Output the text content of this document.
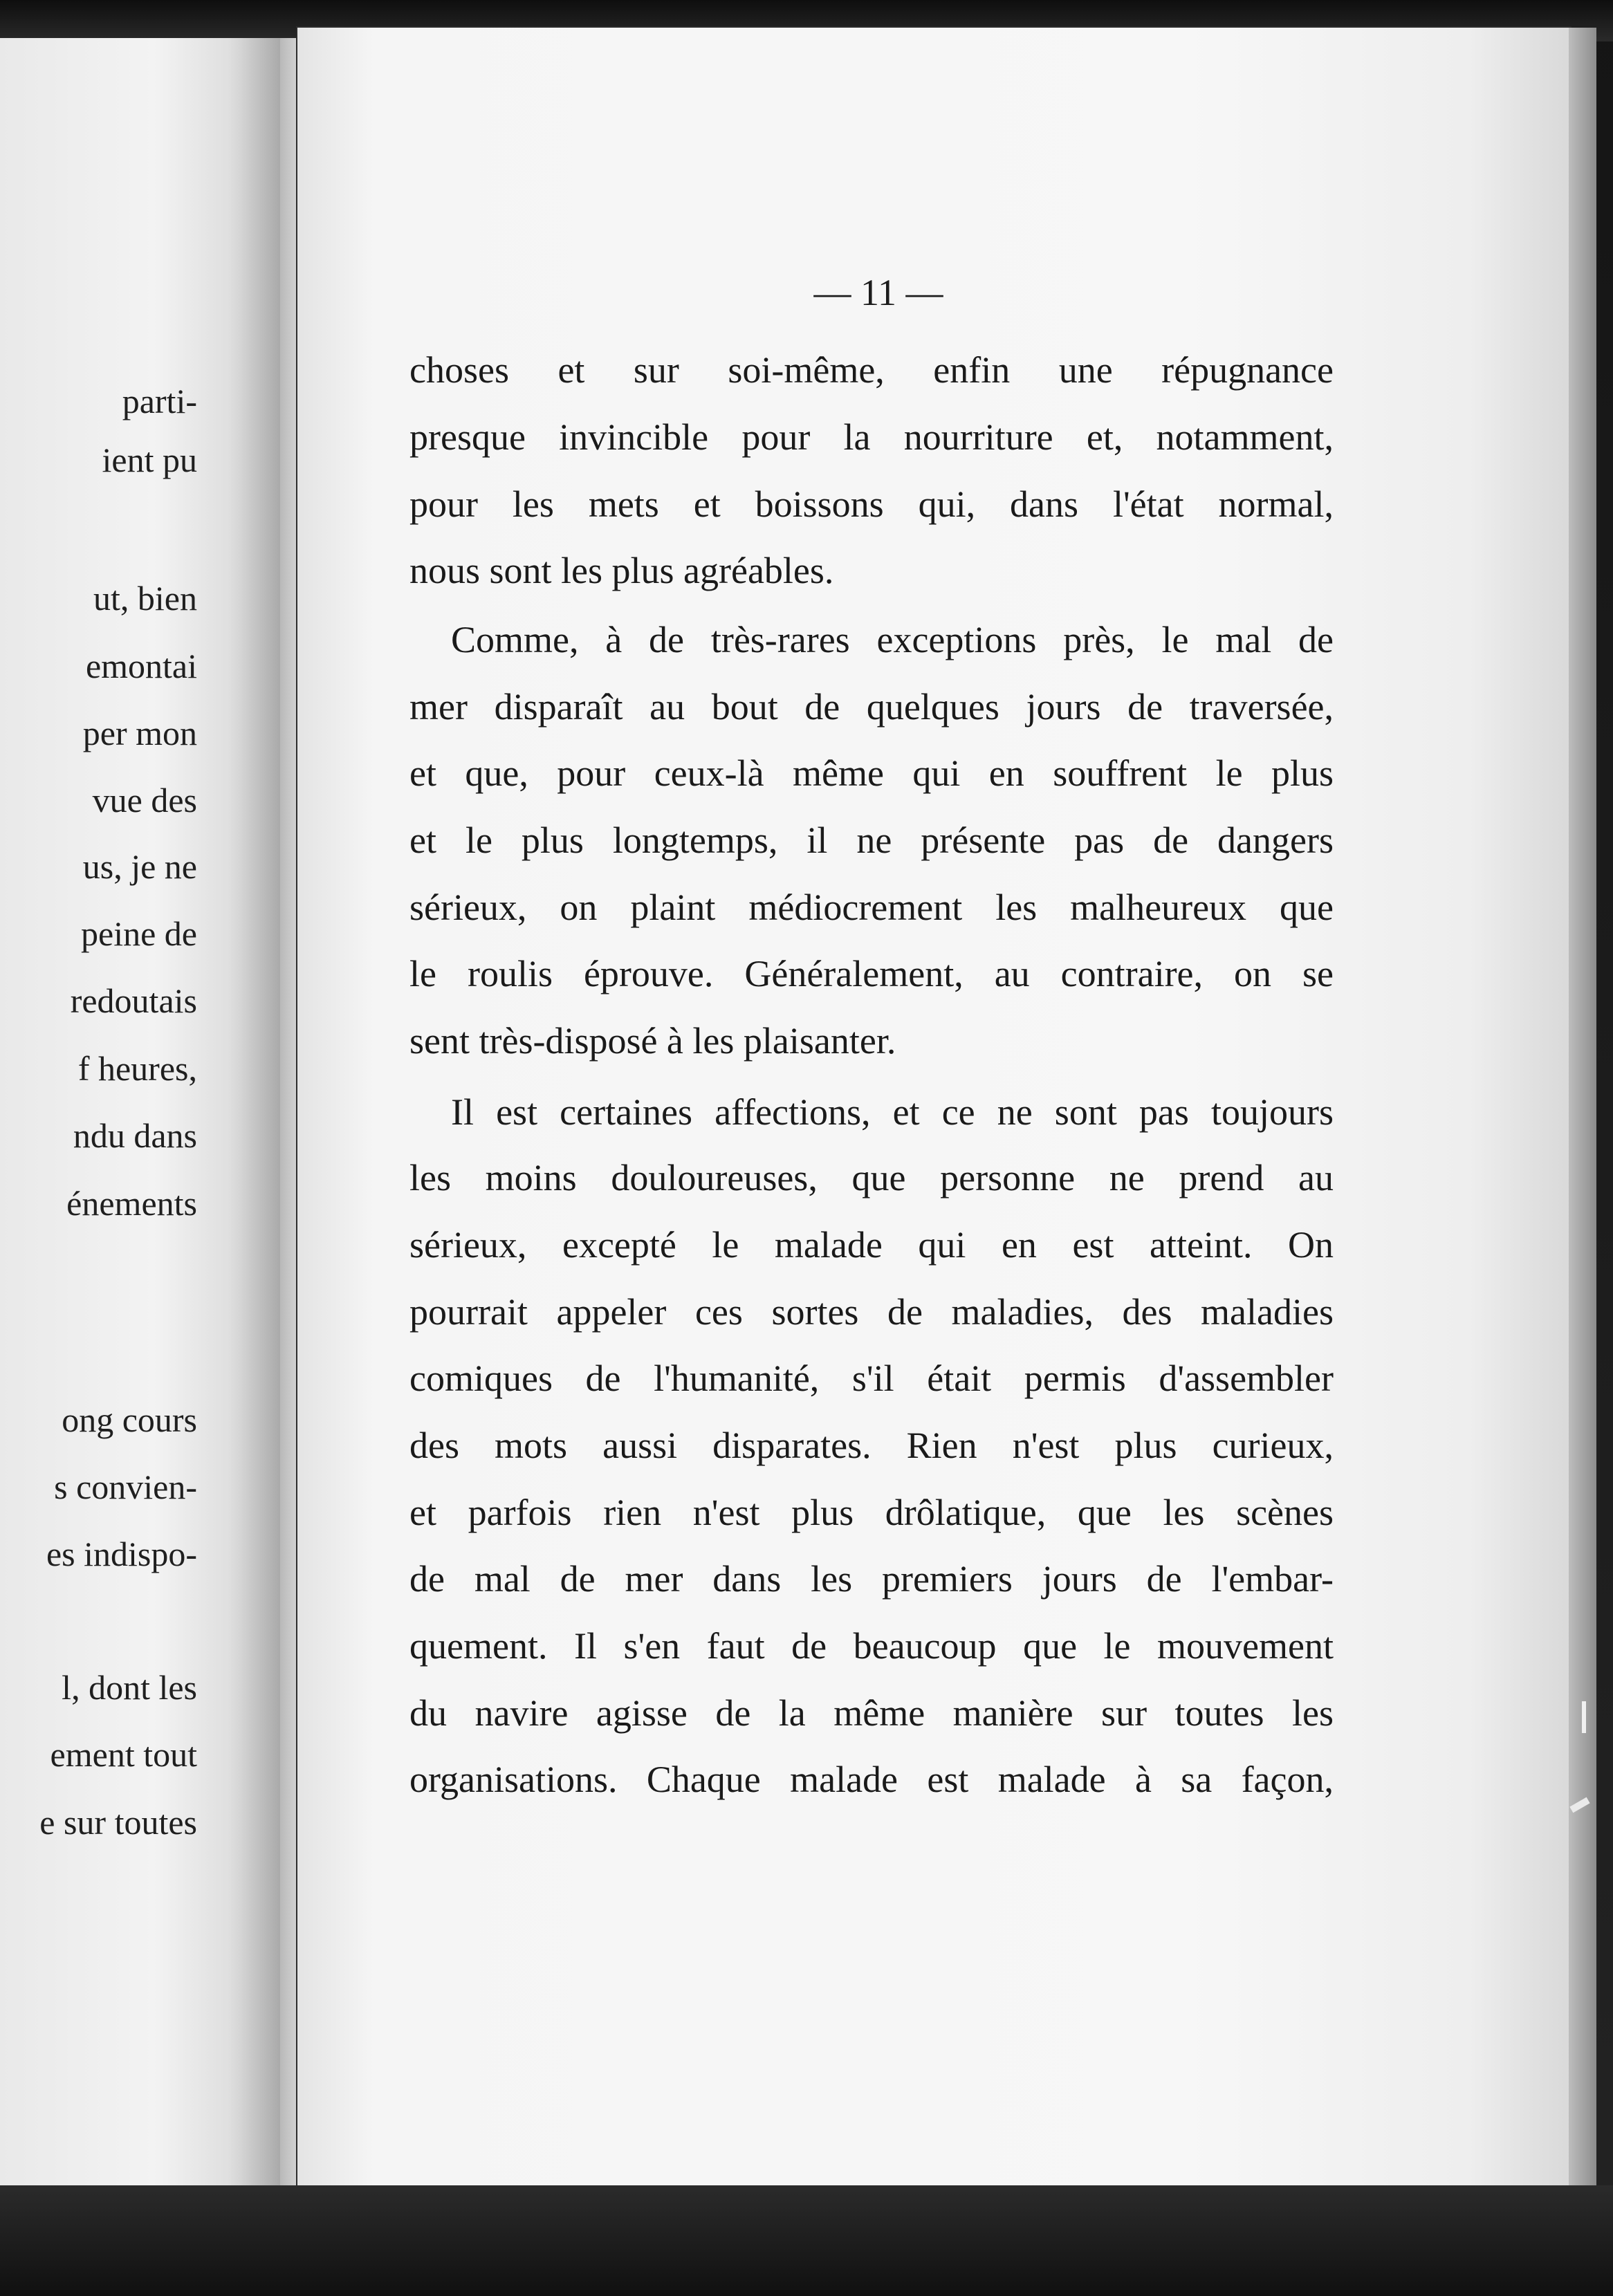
parti-
ient pu
ut, bien
emontai
per mon
vue des
us, je ne
peine de
redoutais
f heures,
ndu dans
énements
ong cours
s convien-
es indispo-
l, dont les
ement tout
e sur toutes
— 11 —
choses et sur soi-même, enfin une répugnance
presque invincible pour la nourriture et, notamment,
pour les mets et boissons qui, dans l'état normal,
nous sont les plus agréables.
Comme, à de très-rares exceptions près, le mal de
mer disparaît au bout de quelques jours de traversée,
et que, pour ceux-là même qui en souffrent le plus
et le plus longtemps, il ne présente pas de dangers
sérieux, on plaint médiocrement les malheureux que
le roulis éprouve. Généralement, au contraire, on se
sent très-disposé à les plaisanter.
Il est certaines affections, et ce ne sont pas toujours
les moins douloureuses, que personne ne prend au
sérieux, excepté le malade qui en est atteint. On
pourrait appeler ces sortes de maladies, des maladies
comiques de l'humanité, s'il était permis d'assembler
des mots aussi disparates. Rien n'est plus curieux,
et parfois rien n'est plus drôlatique, que les scènes
de mal de mer dans les premiers jours de l'embar-
quement. Il s'en faut de beaucoup que le mouvement
du navire agisse de la même manière sur toutes les
organisations. Chaque malade est malade à sa façon,
